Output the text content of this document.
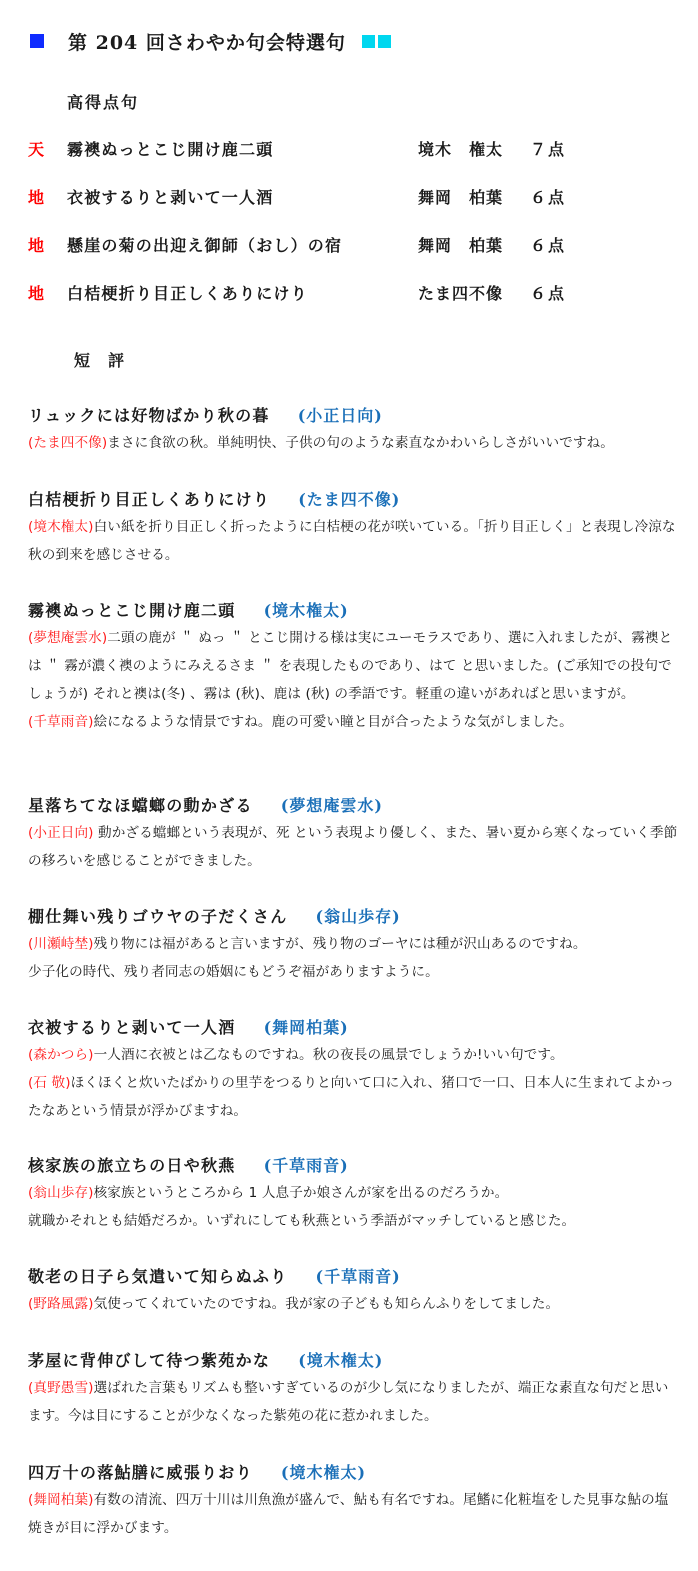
第 204 回さわやか句会特選句
高得点句
天 霧襖ぬっとこじ開け鹿二頭	境木　権太 ７点
地 衣被するりと剥いて一人酒	舞岡　柏葉 ６点
地 懸崖の菊の出迎え御師（おし）の宿	舞岡　柏葉 ６点
地 白桔梗折り目正しくありにけり	たま四不像 ６点
短評
リュックには好物ばかり秋の暮 (小正日向)
(たま四不像)まさに食欲の秋。単純明快、子供の句のような素直なかわいらしさがいいですね。
白桔梗折り目正しくありにけり (たま四不像)
(境木権太)白い紙を折り目正しく折ったように白桔梗の花が咲いている。「折り目正しく」と表現し冷涼な秋の到来を感じさせる。
霧襖ぬっとこじ開け鹿二頭 (境木権太)
(夢想庵雲水)二頭の鹿が ＂ ぬっ ＂ とこじ開ける様は実にユーモラスであり、選に入れましたが、霧襖とは ＂ 霧が濃く襖のようにみえるさま ＂ を表現したものであり、はて と思いました。(ご承知での投句でしょうが) それと襖は(冬) 、霧は (秋)、鹿は (秋) の季語です。軽重の違いがあればと思いますが。
(千草雨音)絵になるような情景ですね。鹿の可愛い瞳と目が合ったような気がしました。
星落ちてなほ蟷螂の動かざる (夢想庵雲水)
(小正日向) 動かざる蟷螂という表現が、死 という表現より優しく、また、暑い夏から寒くなっていく季節の移ろいを感じることができました。
棚仕舞い残りゴウヤの子だくさん (翁山歩存)
(川瀬峙埜)残り物には福があると言いますが、残り物のゴーヤには種が沢山あるのですね。
少子化の時代、残り者同志の婚姻にもどうぞ福がありますように。
衣被するりと剥いて一人酒 (舞岡柏葉)
(森かつら)一人酒に衣被とは乙なものですね。秋の夜長の風景でしょうか!いい句です。
(石 敬)ほくほくと炊いたばかりの里芋をつるりと向いて口に入れ、猪口で一口、日本人に生まれてよかったなあという情景が浮かびますね。
核家族の旅立ちの日や秋燕 (千草雨音)
(翁山歩存)核家族というところから 1 人息子か娘さんが家を出るのだろうか。
就職かそれとも結婚だろか。いずれにしても秋燕という季語がマッチしていると感じた。
敬老の日子ら気遣いて知らぬふり (千草雨音)
(野路風露)気使ってくれていたのですね。我が家の子どもも知らんふりをしてました。
茅屋に背伸びして待つ紫苑かな (境木権太)
(真野愚雪)選ばれた言葉もリズムも整いすぎているのが少し気になりましたが、端正な素直な句だと思います。今は目にすることが少なくなった紫苑の花に惹かれました。
四万十の落鮎膳に威張りおり (境木権太)
(舞岡柏葉)有数の清流、四万十川は川魚漁が盛んで、鮎も有名ですね。尾鰭に化粧塩をした見事な鮎の塩焼きが目に浮かびます。
